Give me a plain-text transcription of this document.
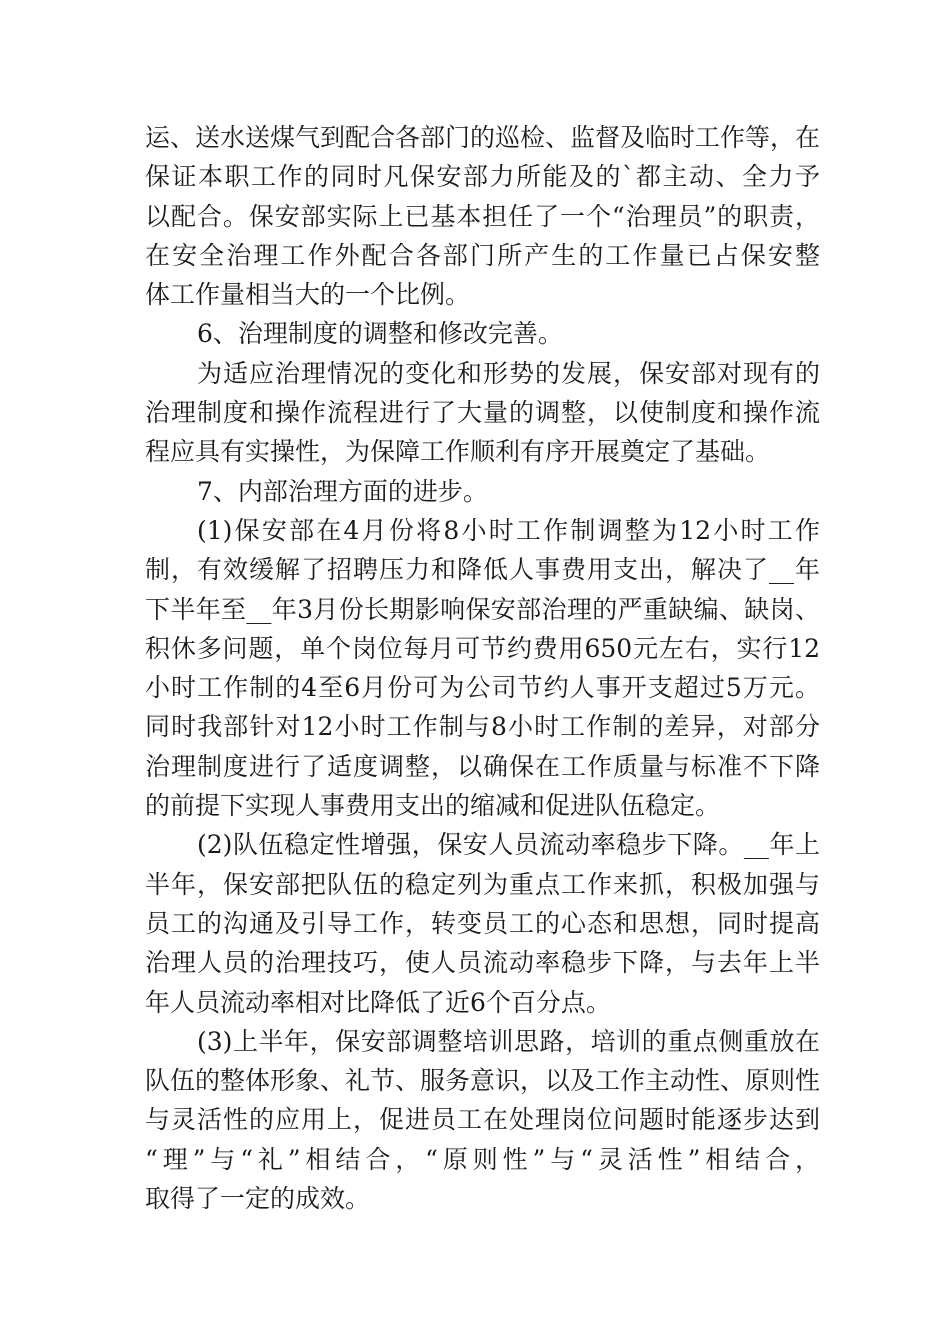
运、送水送煤气到配合各部门的巡检、监督及临时工作等，在
保证本职工作的同时凡保安部力所能及的`都主动、全力予
以配合。保安部实际上已基本担任了一个“治理员”的职责，
在安全治理工作外配合各部门所产生的工作量已占保安整
体工作量相当大的一个比例。
6、治理制度的调整和修改完善。
为适应治理情况的变化和形势的发展，保安部对现有的
治理制度和操作流程进行了大量的调整，以使制度和操作流
程应具有实操性，为保障工作顺利有序开展奠定了基础。
7、内部治理方面的进步。
(1)保安部在4月份将8小时工作制调整为12小时工作
制，有效缓解了招聘压力和降低人事费用支出，解决了__年
下半年至__年3月份长期影响保安部治理的严重缺编、缺岗、
积休多问题，单个岗位每月可节约费用650元左右，实行12
小时工作制的4至6月份可为公司节约人事开支超过5万元。
同时我部针对12小时工作制与8小时工作制的差异，对部分
治理制度进行了适度调整，以确保在工作质量与标准不下降
的前提下实现人事费用支出的缩减和促进队伍稳定。
(2)队伍稳定性增强，保安人员流动率稳步下降。__年上
半年，保安部把队伍的稳定列为重点工作来抓，积极加强与
员工的沟通及引导工作，转变员工的心态和思想，同时提高
治理人员的治理技巧，使人员流动率稳步下降，与去年上半
年人员流动率相对比降低了近6个百分点。
(3)上半年，保安部调整培训思路，培训的重点侧重放在
队伍的整体形象、礼节、服务意识，以及工作主动性、原则性
与灵活性的应用上，促进员工在处理岗位问题时能逐步达到
“理”与“礼”相结合，“原则性”与“灵活性”相结合，
取得了一定的成效。
